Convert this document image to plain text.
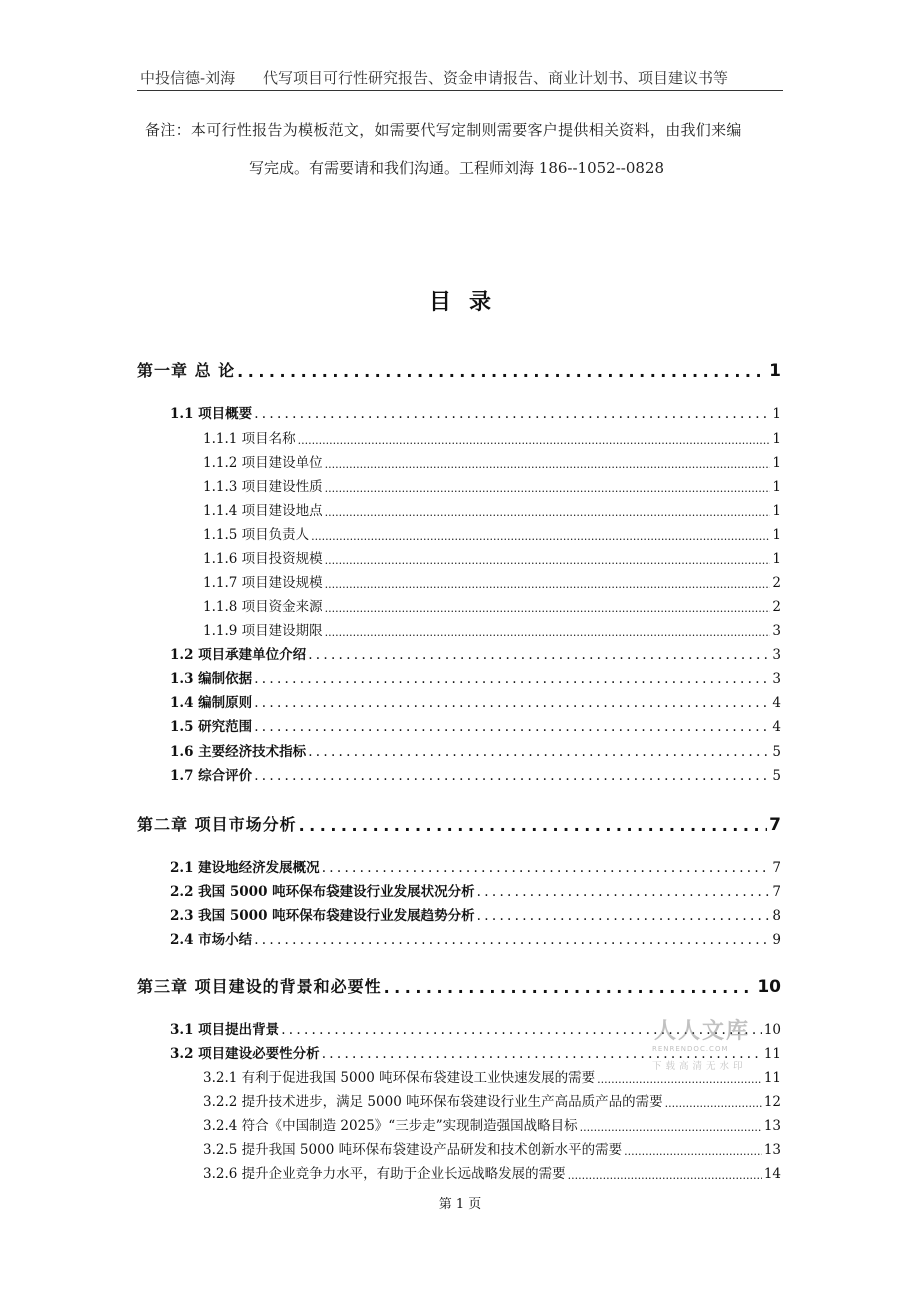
中投信德-刘海 代写项目可行性研究报告、资金申请报告、商业计划书、项目建议书等
备注：本可行性报告为模板范文，如需要代写定制则需要客户提供相关资料，由我们来编
写完成。有需要请和我们沟通。工程师刘海 186--1052--0828
目录
第一章 总 论 .....	1
1.1 项目概要 .....	1
1.1.1 项目名称 .....	1
1.1.2 项目建设单位 .....	1
1.1.3 项目建设性质 .....	1
1.1.4 项目建设地点 .....	1
1.1.5 项目负责人 .....	1
1.1.6 项目投资规模 .....	1
1.1.7 项目建设规模 .....	2
1.1.8 项目资金来源 .....	2
1.1.9 项目建设期限 .....	3
1.2 项目承建单位介绍 .....	3
1.3 编制依据 .....	3
1.4 编制原则 .....	4
1.5 研究范围 .....	4
1.6 主要经济技术指标 .....	5
1.7 综合评价 .....	5
第二章 项目市场分析 .....	7
2.1 建设地经济发展概况 .....	7
2.2 我国 5000 吨环保布袋建设行业发展状况分析 .....	7
2.3 我国 5000 吨环保布袋建设行业发展趋势分析 .....	8
2.4 市场小结 .....	9
第三章 项目建设的背景和必要性 .....	10
3.1 项目提出背景 .....	10
3.2 项目建设必要性分析 .....	11
3.2.1 有利于促进我国 5000 吨环保布袋建设工业快速发展的需要 .....	11
3.2.2 提升技术进步，满足 5000 吨环保布袋建设行业生产高品质产品的需要 .....	12
3.2.4 符合《中国制造 2025》“三步走”实现制造强国战略目标 .....	13
3.2.5 提升我国 5000 吨环保布袋建设产品研发和技术创新水平的需要 .....	13
3.2.6 提升企业竞争力水平，有助于企业长远战略发展的需要 .....	14
人人文库
RENRENDOC.COM
下载高清无水印
第 1 页
